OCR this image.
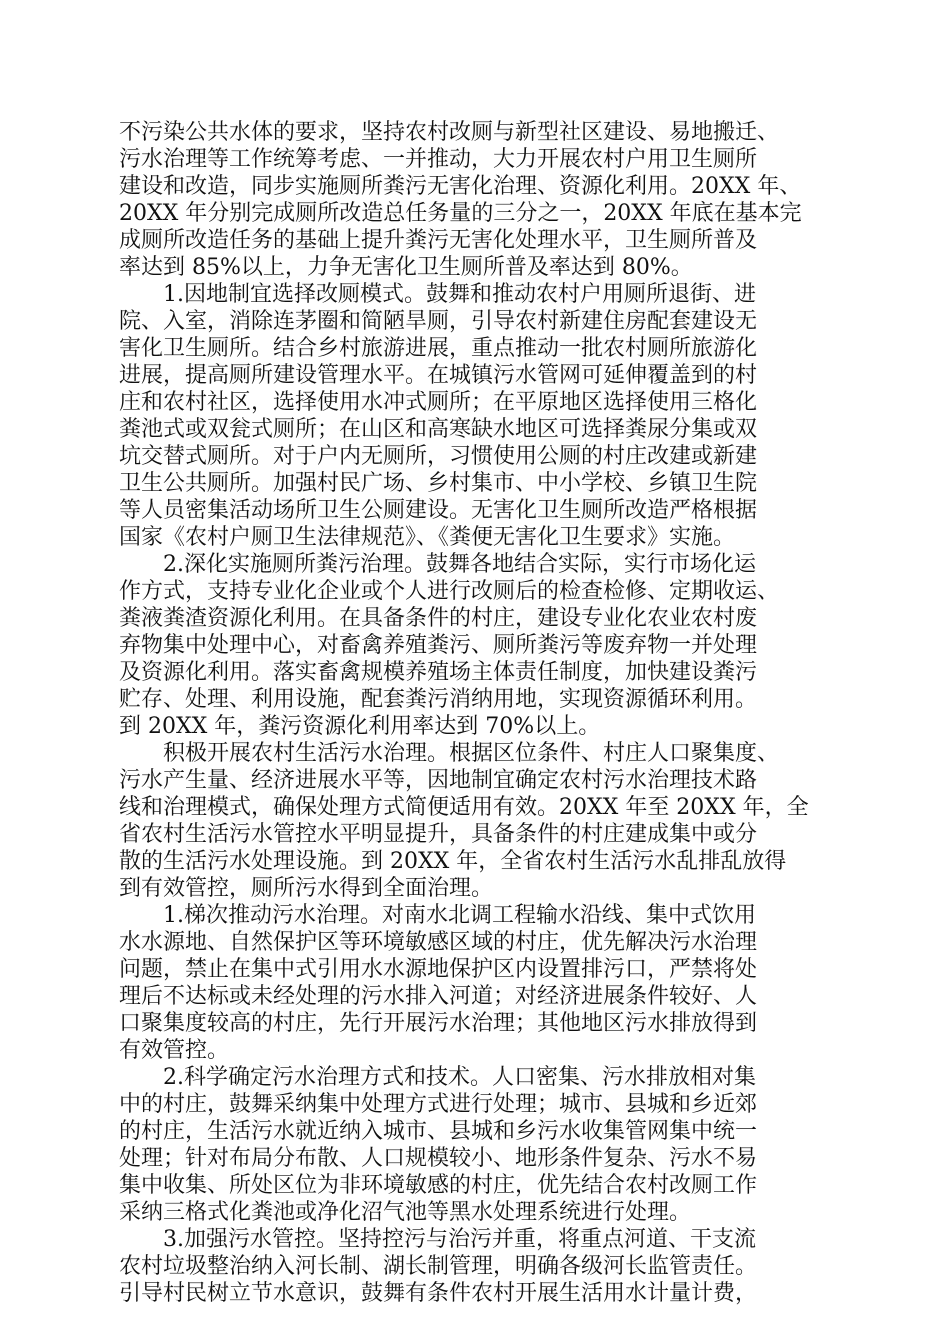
不污染公共水体的要求，坚持农村改厕与新型社区建设、易地搬迁、
污水治理等工作统筹考虑、一并推动，大力开展农村户用卫生厕所
建设和改造，同步实施厕所粪污无害化治理、资源化利用。20XX 年、
20XX 年分别完成厕所改造总任务量的三分之一，20XX 年底在基本完
成厕所改造任务的基础上提升粪污无害化处理水平，卫生厕所普及
率达到 85%以上，力争无害化卫生厕所普及率达到 80%。
1.因地制宜选择改厕模式。鼓舞和推动农村户用厕所退街、进
院、入室，消除连茅圈和简陋旱厕，引导农村新建住房配套建设无
害化卫生厕所。结合乡村旅游进展，重点推动一批农村厕所旅游化
进展，提高厕所建设管理水平。在城镇污水管网可延伸覆盖到的村
庄和农村社区，选择使用水冲式厕所；在平原地区选择使用三格化
粪池式或双瓮式厕所；在山区和高寒缺水地区可选择粪尿分集或双
坑交替式厕所。对于户内无厕所，习惯使用公厕的村庄改建或新建
卫生公共厕所。加强村民广场、乡村集市、中小学校、乡镇卫生院
等人员密集活动场所卫生公厕建设。无害化卫生厕所改造严格根据
国家《农村户厕卫生法律规范》、《粪便无害化卫生要求》实施。
2.深化实施厕所粪污治理。鼓舞各地结合实际，实行市场化运
作方式，支持专业化企业或个人进行改厕后的检查检修、定期收运、
粪液粪渣资源化利用。在具备条件的村庄，建设专业化农业农村废
弃物集中处理中心，对畜禽养殖粪污、厕所粪污等废弃物一并处理
及资源化利用。落实畜禽规模养殖场主体责任制度，加快建设粪污
贮存、处理、利用设施，配套粪污消纳用地，实现资源循环利用。
到 20XX 年，粪污资源化利用率达到 70%以上。
积极开展农村生活污水治理。根据区位条件、村庄人口聚集度、
污水产生量、经济进展水平等，因地制宜确定农村污水治理技术路
线和治理模式，确保处理方式简便适用有效。20XX 年至 20XX 年，全
省农村生活污水管控水平明显提升，具备条件的村庄建成集中或分
散的生活污水处理设施。到 20XX 年，全省农村生活污水乱排乱放得
到有效管控，厕所污水得到全面治理。
1.梯次推动污水治理。对南水北调工程输水沿线、集中式饮用
水水源地、自然保护区等环境敏感区域的村庄，优先解决污水治理
问题，禁止在集中式引用水水源地保护区内设置排污口，严禁将处
理后不达标或未经处理的污水排入河道；对经济进展条件较好、人
口聚集度较高的村庄，先行开展污水治理；其他地区污水排放得到
有效管控。
2.科学确定污水治理方式和技术。人口密集、污水排放相对集
中的村庄，鼓舞采纳集中处理方式进行处理；城市、县城和乡近郊
的村庄，生活污水就近纳入城市、县城和乡污水收集管网集中统一
处理；针对布局分布散、人口规模较小、地形条件复杂、污水不易
集中收集、所处区位为非环境敏感的村庄，优先结合农村改厕工作
采纳三格式化粪池或净化沼气池等黑水处理系统进行处理。
3.加强污水管控。坚持控污与治污并重，将重点河道、干支流
农村垃圾整治纳入河长制、湖长制管理，明确各级河长监管责任。
引导村民树立节水意识，鼓舞有条件农村开展生活用水计量计费，
